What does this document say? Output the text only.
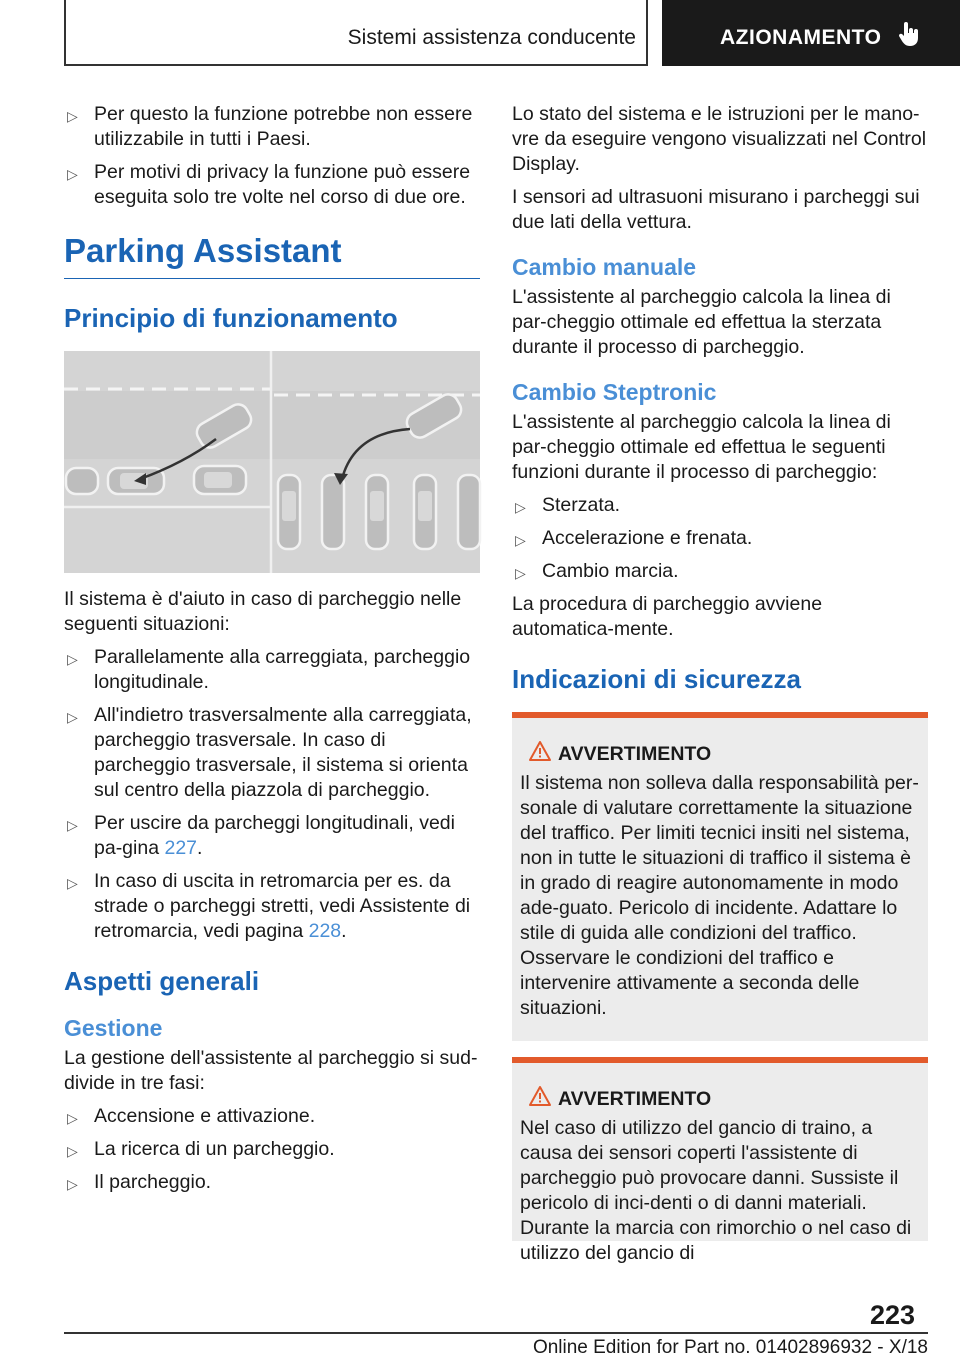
Sistemi assistenza conducente	AZIONAMENTO
▷ Per questo la funzione potrebbe non essere utilizzabile in tutti i Paesi.
▷ Per motivi di privacy la funzione può essere eseguita solo tre volte nel corso di due ore.
Parking Assistant
Principio di funzionamento
Il sistema è d'aiuto in caso di parcheggio nelle seguenti situazioni:
▷ Parallelamente alla carreggiata, parcheggio longitudinale.
▷ All'indietro trasversalmente alla carreggiata, parcheggio trasversale. In caso di parcheggio trasversale, il sistema si orienta sul centro della piazzola di parcheggio.
▷ Per uscire da parcheggi longitudinali, vedi pa-gina 227.
▷ In caso di uscita in retromarcia per es. da strade o parcheggi stretti, vedi Assistente di retromarcia, vedi pagina 228.
Aspetti generali
Gestione
La gestione dell'assistente al parcheggio si sud-divide in tre fasi:
▷ Accensione e attivazione.
▷ La ricerca di un parcheggio.
▷ Il parcheggio.
Lo stato del sistema e le istruzioni per le mano-vre da eseguire vengono visualizzati nel Control Display.
I sensori ad ultrasuoni misurano i parcheggi sui due lati della vettura.
Cambio manuale
L'assistente al parcheggio calcola la linea di par-cheggio ottimale ed effettua la sterzata durante il processo di parcheggio.
Cambio Steptronic
L'assistente al parcheggio calcola la linea di par-cheggio ottimale ed effettua le seguenti funzioni durante il processo di parcheggio:
▷ Sterzata.
▷ Accelerazione e frenata.
▷ Cambio marcia.
La procedura di parcheggio avviene automatica-mente.
Indicazioni di sicurezza
AVVERTIMENTO
Il sistema non solleva dalla responsabilità per-sonale di valutare correttamente la situazione del traffico. Per limiti tecnici insiti nel sistema, non in tutte le situazioni di traffico il sistema è in grado di reagire autonomamente in modo ade-guato. Pericolo di incidente. Adattare lo stile di guida alle condizioni del traffico. Osservare le condizioni del traffico e intervenire attivamente a seconda delle situazioni.
AVVERTIMENTO
Nel caso di utilizzo del gancio di traino, a causa dei sensori coperti l'assistente di parcheggio può provocare danni. Sussiste il pericolo di inci-denti o di danni materiali. Durante la marcia con rimorchio o nel caso di utilizzo del gancio di
223
Online Edition for Part no. 01402896932 - X/18
